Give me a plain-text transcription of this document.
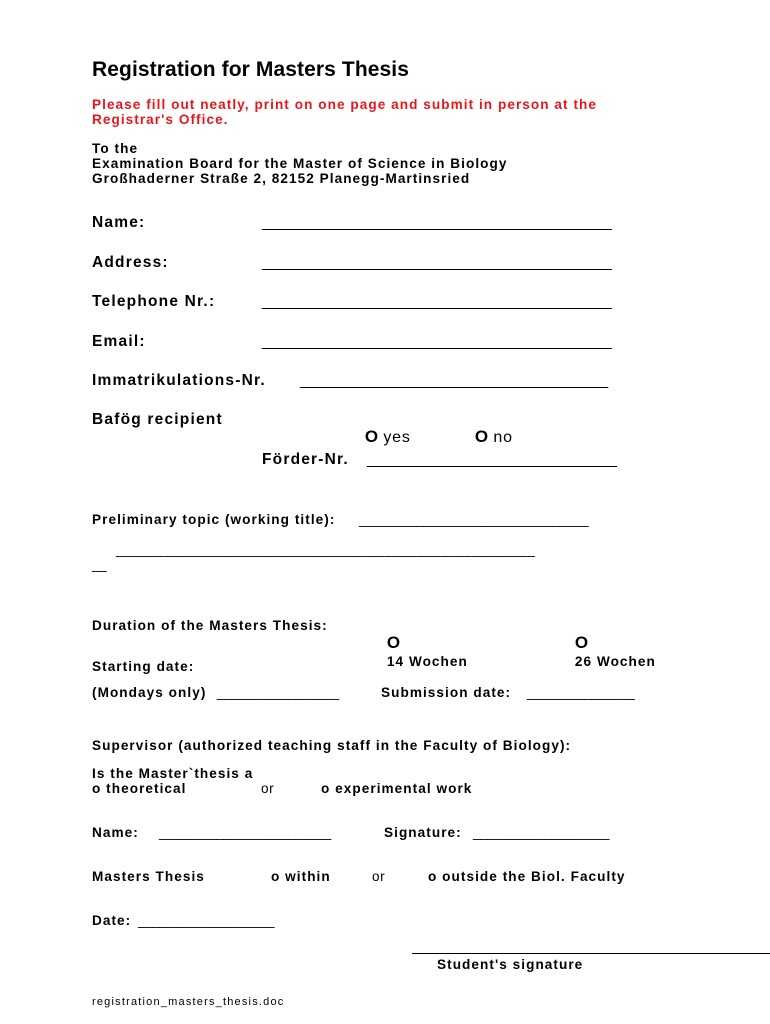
Registration for Masters Thesis
Please fill out neatly, print on one page and submit in person at the Registrar's Office.
To the
Examination Board for the Master of Science in Biology
Großhaderner Straße 2, 82152 Planegg-Martinsried
Name:	__________________________________________
Address:	__________________________________________
Telephone Nr.:	__________________________________________
Email:	__________________________________________
Immatrikulations-Nr. _____________________________________
Bafög recipient

O yes	O no

Förder-Nr. ______________________________
Preliminary topic (working title): ________________________________
_____________________________________________________
__
Duration of the Masters Thesis:

O
14 Wochen

O
26 Wochen

Starting date:
(Mondays only) _________________	Submission date: _______________
Supervisor (authorized teaching staff in the Faculty of Biology):
Is the Master`thesis a
o theoretical	or	o experimental work
Name: ________________________	Signature: ___________________
Masters Thesis	o within	or	o outside the Biol. Faculty
Date: ___________________
Student's signature
registration_masters_thesis.doc
